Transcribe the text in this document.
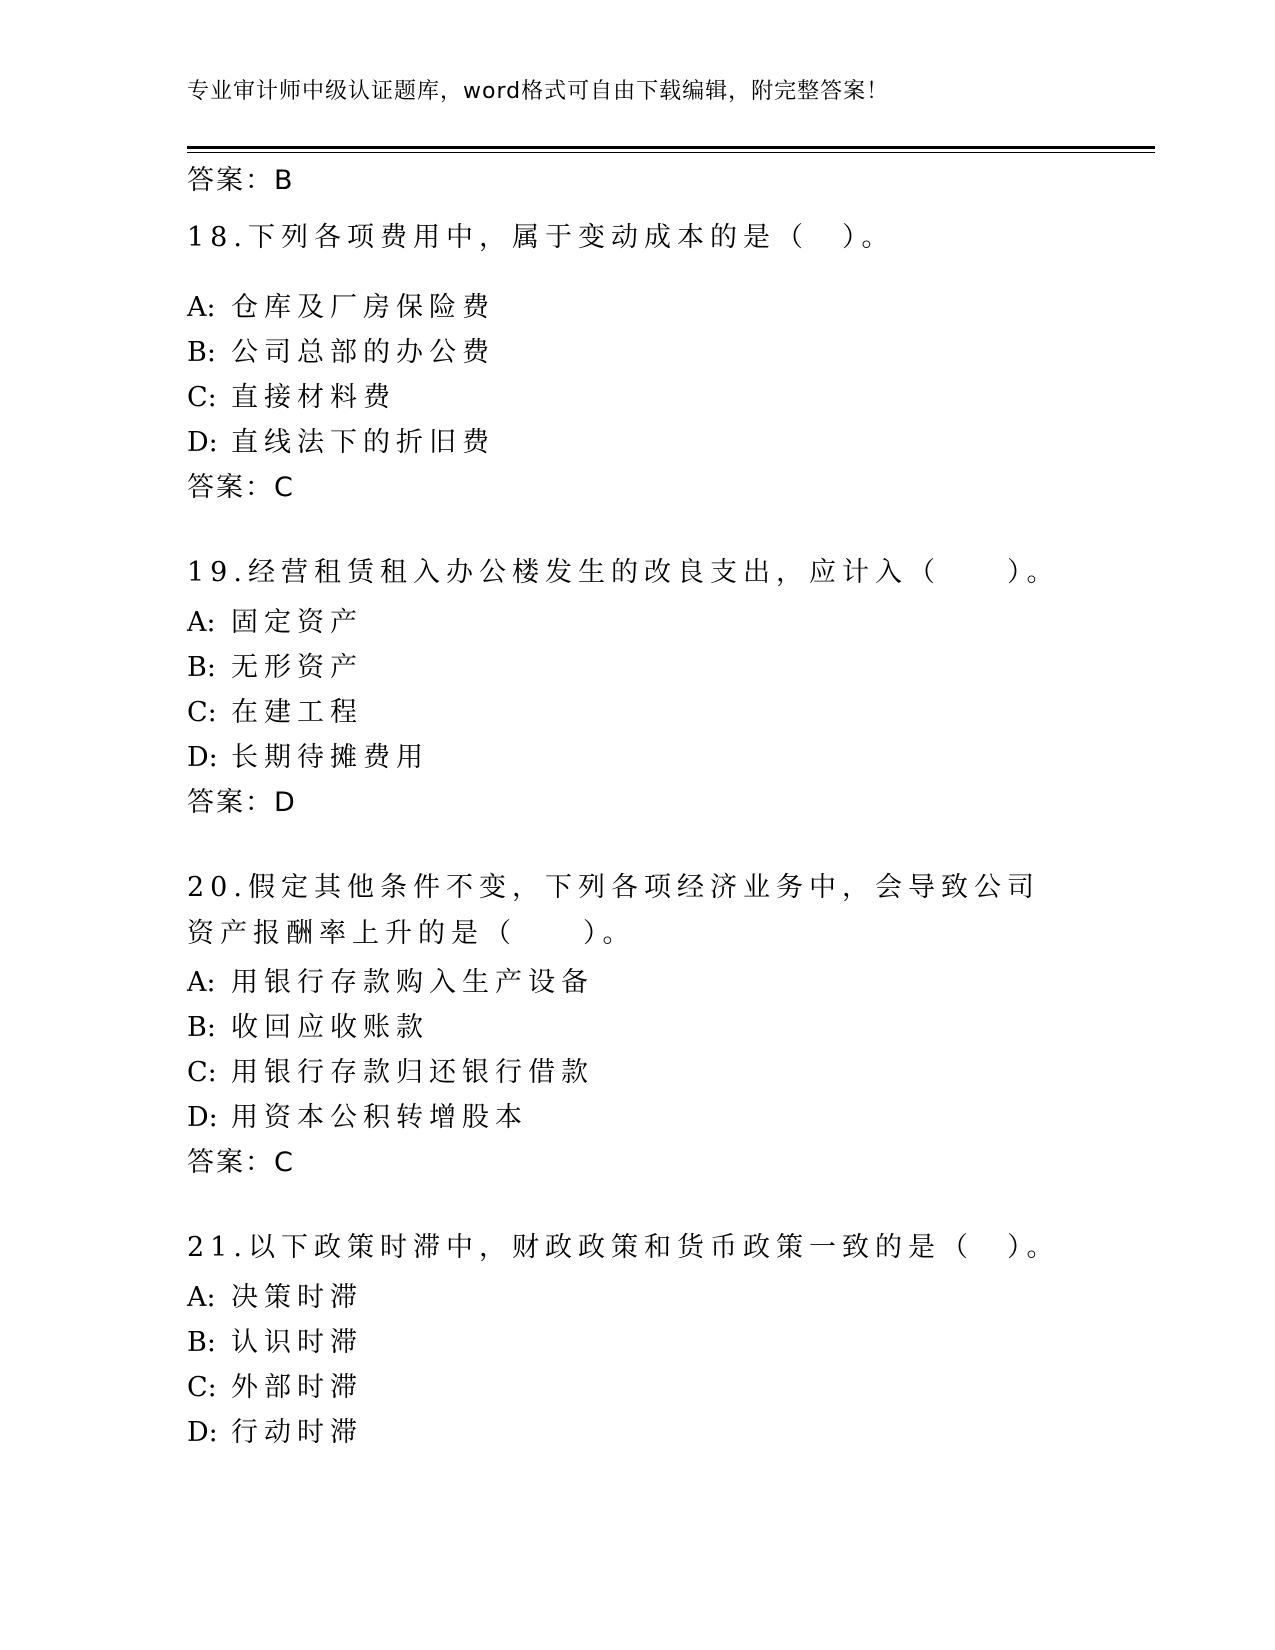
专业审计师中级认证题库，word格式可自由下载编辑，附完整答案！
答案：B
18.下列各项费用中，属于变动成本的是（　）。
A: 仓库及厂房保险费
B: 公司总部的办公费
C: 直接材料费
D: 直线法下的折旧费
答案：C
19.经营租赁租入办公楼发生的改良支出，应计入（　　）。
A: 固定资产
B: 无形资产
C: 在建工程
D: 长期待摊费用
答案：D
20.假定其他条件不变，下列各项经济业务中，会导致公司资产报酬率上升的是（　　）。
A: 用银行存款购入生产设备
B: 收回应收账款
C: 用银行存款归还银行借款
D: 用资本公积转增股本
答案：C
21.以下政策时滞中，财政政策和货币政策一致的是（　）。
A: 决策时滞
B: 认识时滞
C: 外部时滞
D: 行动时滞
